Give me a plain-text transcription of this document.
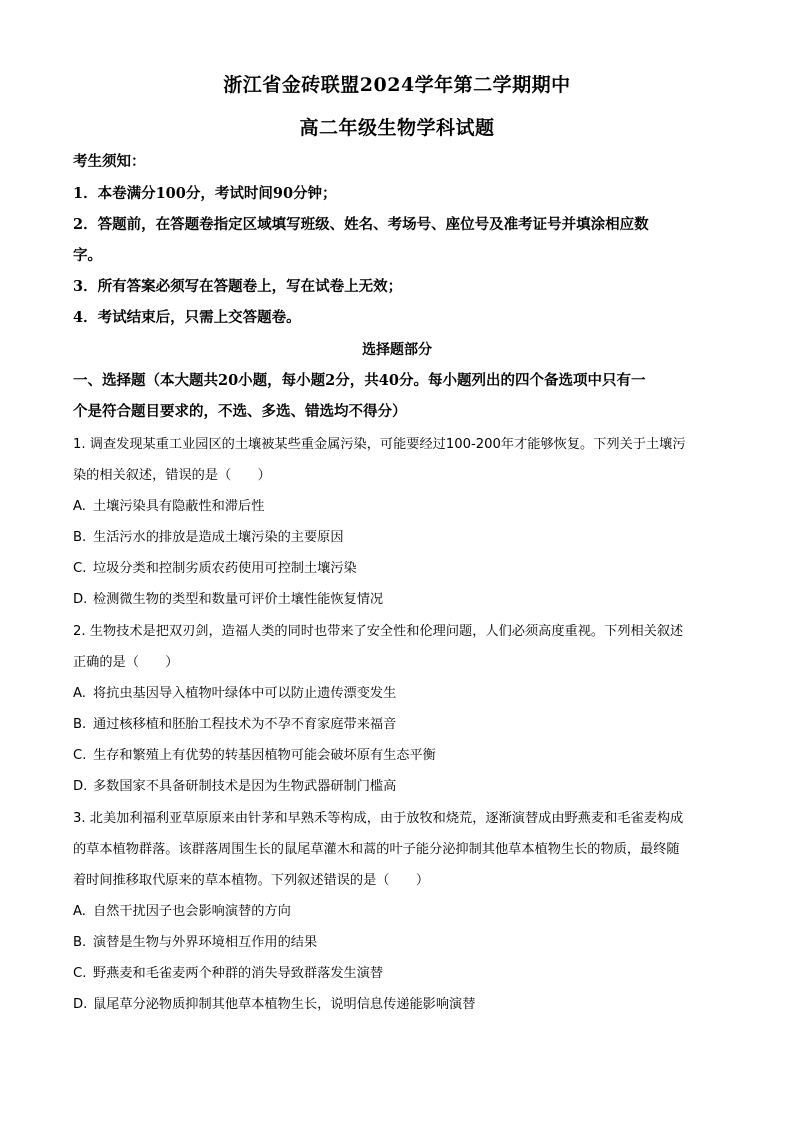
浙江省金砖联盟2024学年第二学期期中
高二年级生物学科试题
考生须知：
1．本卷满分100分，考试时间90分钟；
2．答题前，在答题卷指定区域填写班级、姓名、考场号、座位号及准考证号并填涂相应数
字。
3．所有答案必须写在答题卷上，写在试卷上无效；
4．考试结束后，只需上交答题卷。
选择题部分
一、选择题（本大题共20小题，每小题2分，共40分。每小题列出的四个备选项中只有一
个是符合题目要求的，不选、多选、错选均不得分）
1. 调查发现某重工业园区的土壤被某些重金属污染，可能要经过100-200年才能够恢复。下列关于土壤污
染的相关叙述，错误的是（　　）
A. 土壤污染具有隐蔽性和滞后性
B. 生活污水的排放是造成土壤污染的主要原因
C. 垃圾分类和控制劣质农药使用可控制土壤污染
D. 检测微生物的类型和数量可评价土壤性能恢复情况
2. 生物技术是把双刃剑，造福人类的同时也带来了安全性和伦理问题，人们必须高度重视。下列相关叙述
正确的是（　　）
A. 将抗虫基因导入植物叶绿体中可以防止遗传漂变发生
B. 通过核移植和胚胎工程技术为不孕不育家庭带来福音
C. 生存和繁殖上有优势的转基因植物可能会破坏原有生态平衡
D. 多数国家不具备研制技术是因为生物武器研制门槛高
3. 北美加利福利亚草原原来由针茅和早熟禾等构成，由于放牧和烧荒，逐渐演替成由野燕麦和毛雀麦构成
的草本植物群落。该群落周围生长的鼠尾草灌木和蒿的叶子能分泌抑制其他草本植物生长的物质，最终随
着时间推移取代原来的草本植物。下列叙述错误的是（　　）
A. 自然干扰因子也会影响演替的方向
B. 演替是生物与外界环境相互作用的结果
C. 野燕麦和毛雀麦两个种群的消失导致群落发生演替
D. 鼠尾草分泌物质抑制其他草本植物生长，说明信息传递能影响演替
